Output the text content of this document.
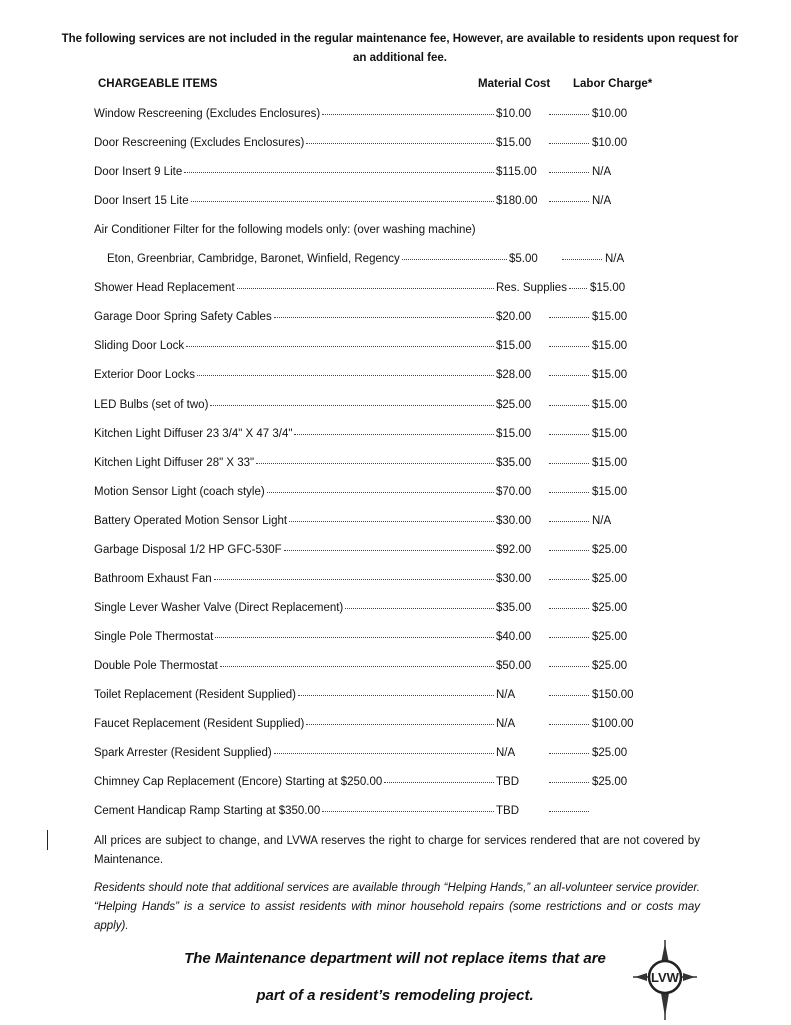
The following services are not included in the regular maintenance fee, However, are available to residents upon request for an additional fee.
CHARGEABLE ITEMS	Material Cost Labor Charge*
Window Rescreening (Excludes Enclosures)	$10.00	$10.00
Door Rescreening (Excludes Enclosures)	$15.00	$10.00
Door Insert 9 Lite	$115.00	N/A
Door Insert 15 Lite	$180.00	N/A
Air Conditioner Filter for the following models only: (over washing machine)
Eton, Greenbriar, Cambridge, Baronet, Winfield, Regency	$5.00	N/A
Shower Head Replacement	Res. Supplies $15.00
Garage Door Spring Safety Cables	$20.00	$15.00
Sliding Door Lock	$15.00	$15.00
Exterior Door Locks	$28.00	$15.00
LED Bulbs (set of two)	$25.00	$15.00
Kitchen Light Diffuser 23 3/4" X 47 3/4"	$15.00	$15.00
Kitchen Light Diffuser 28" X 33"	$35.00	$15.00
Motion Sensor Light (coach style)	$70.00	$15.00
Battery Operated Motion Sensor Light	$30.00	N/A
Garbage Disposal 1/2 HP GFC-530F	$92.00	$25.00
Bathroom Exhaust Fan	$30.00	$25.00
Single Lever Washer Valve (Direct Replacement)	$35.00	$25.00
Single Pole Thermostat	$40.00	$25.00
Double Pole Thermostat	$50.00	$25.00
Toilet Replacement (Resident Supplied)	N/A	$150.00
Faucet Replacement (Resident Supplied)	N/A	$100.00
Spark Arrester (Resident Supplied)	N/A	$25.00
Chimney Cap Replacement (Encore) Starting at $250.00	TBD	$25.00
Cement Handicap Ramp Starting at $350.00	TBD
All prices are subject to change, and LVWA reserves the right to charge for services rendered that are not covered by Maintenance.
Residents should note that additional services are available through “Helping Hands,” an all-volunteer service provider. “Helping Hands” is a service to assist residents with minor household repairs (some restrictions and or costs may apply).
The Maintenance department will not replace items that are
part of a resident’s remodeling project.
LVW
